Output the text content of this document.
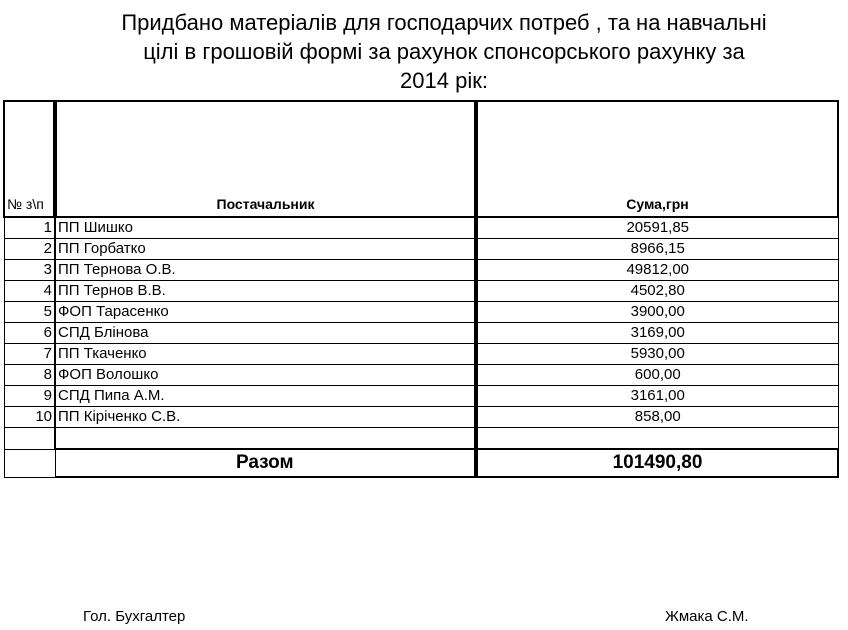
Придбано матеріалів для господарчих потреб , та на навчальні
цілі в грошовій формі за рахунок спонсорського рахунку за
2014 рік:
№ з\п	Постачальник	Сума,грн
1	ПП Шишко	20591,85
2	ПП Горбатко	8966,15
3	ПП Тернова О.В.	49812,00
4	ПП Тернов В.В.	4502,80
5	ФОП Тарасенко	3900,00
6	СПД Блінова	3169,00
7	ПП Ткаченко	5930,00
8	ФОП Волошко	600,00
9	СПД Пипа А.М.	3161,00
10	ПП Кіріченко С.В.	858,00

	Разом	101490,80
Гол. Бухгалтер	Жмака С.М.
